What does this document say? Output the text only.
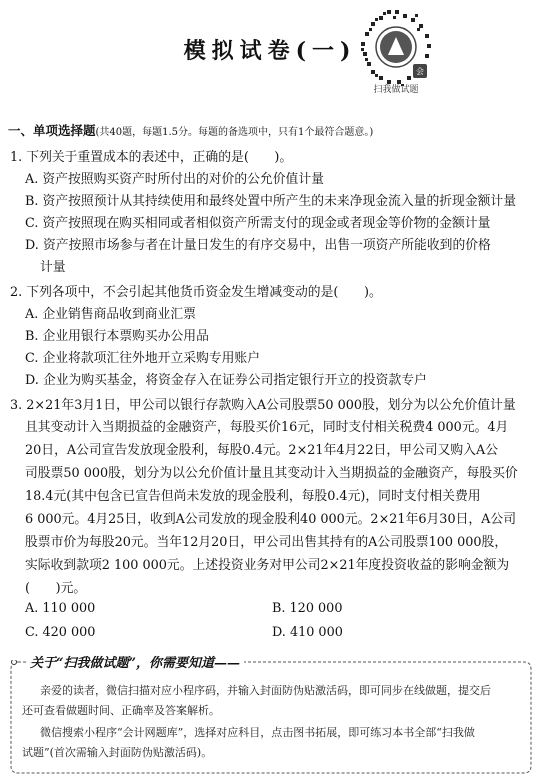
模拟试卷(一)
会
扫我做试题
一、单项选择题(共40题，每题1.5分。每题的备选项中，只有1个最符合题意。)
1. 下列关于重置成本的表述中，正确的是(　　)。
A. 资产按照购买资产时所付出的对价的公允价值计量
B. 资产按照预计从其持续使用和最终处置中所产生的未来净现金流入量的折现金额计量
C. 资产按照现在购买相同或者相似资产所需支付的现金或者现金等价物的金额计量
D. 资产按照市场参与者在计量日发生的有序交易中，出售一项资产所能收到的价格
计量
2. 下列各项中，不会引起其他货币资金发生增减变动的是(　　)。
A. 企业销售商品收到商业汇票
B. 企业用银行本票购买办公用品
C. 企业将款项汇往外地开立采购专用账户
D. 企业为购买基金，将资金存入在证券公司指定银行开立的投资款专户
3. 2×21年3月1日，甲公司以银行存款购入A公司股票50 000股，划分为以公允价值计量
且其变动计入当期损益的金融资产，每股买价16元，同时支付相关税费4 000元。4月
20日，A公司宣告发放现金股利，每股0.4元。2×21年4月22日，甲公司又购入A公
司股票50 000股，划分为以公允价值计量且其变动计入当期损益的金融资产，每股买价
18.4元(其中包含已宣告但尚未发放的现金股利，每股0.4元)，同时支付相关费用
6 000元。4月25日，收到A公司发放的现金股利40 000元。2×21年6月30日，A公司
股票市价为每股20元。当年12月20日，甲公司出售其持有的A公司股票100 000股，
实际收到款项2 100 000元。上述投资业务对甲公司2×21年度投资收益的影响金额为
(　　)元。
A. 110 000	B. 120 000
C. 420 000	D. 410 000
关于“扫我做试题”，你需要知道——
亲爱的读者，微信扫描对应小程序码，并输入封面防伪贴激活码，即可同步在线做题，提交后
还可查看做题时间、正确率及答案解析。
微信搜索小程序“会计网题库”，选择对应科目，点击图书拓展，即可练习本书全部“扫我做
试题”(首次需输入封面防伪贴激活码)。
